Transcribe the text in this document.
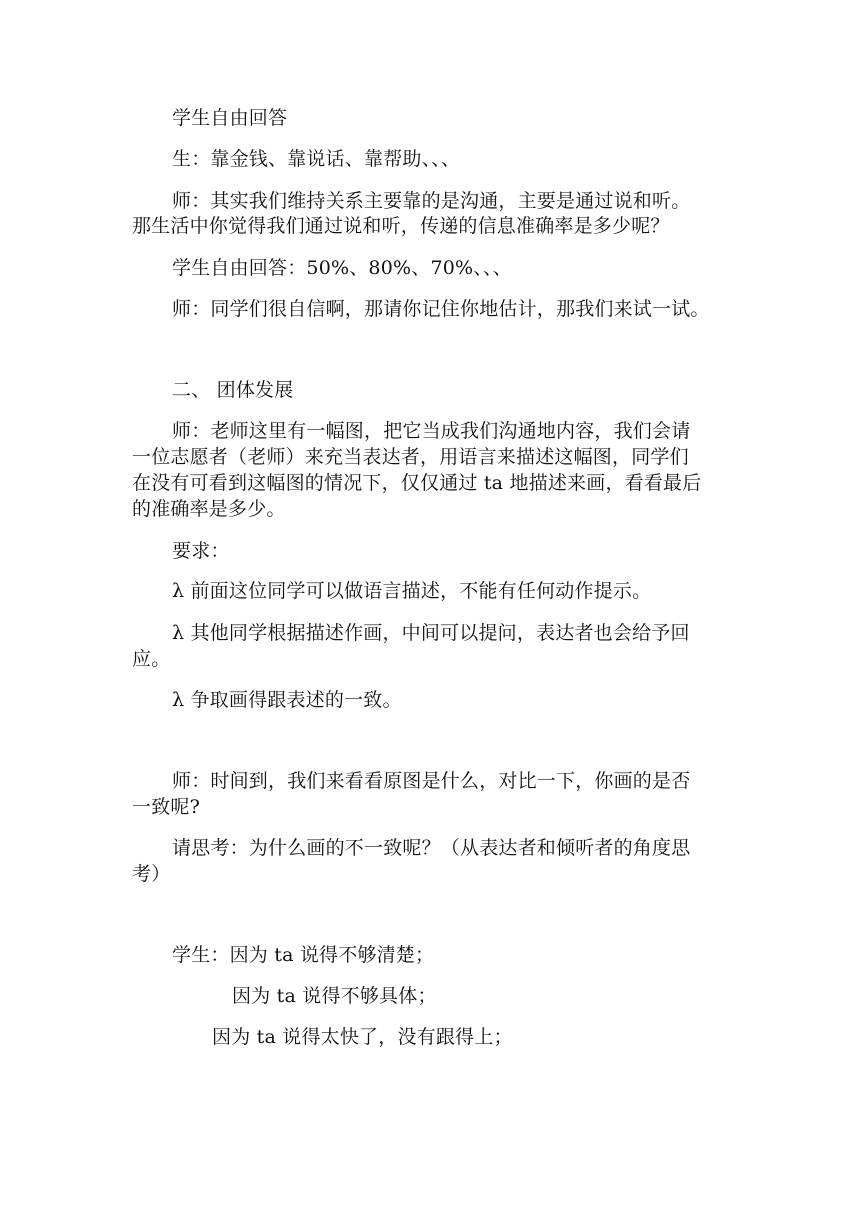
学生自由回答
生：靠金钱、靠说话、靠帮助、、、
师：其实我们维持关系主要靠的是沟通，主要是通过说和听。
那生活中你觉得我们通过说和听，传递的信息准确率是多少呢？
学生自由回答：50%、80%、70%、、、
师：同学们很自信啊，那请你记住你地估计，那我们来试一试。
二、 团体发展
师：老师这里有一幅图，把它当成我们沟通地内容，我们会请
一位志愿者（老师）来充当表达者，用语言来描述这幅图，同学们
在没有可看到这幅图的情况下，仅仅通过 ta 地描述来画，看看最后
的准确率是多少。
要求：
λ 前面这位同学可以做语言描述，不能有任何动作提示。
λ 其他同学根据描述作画，中间可以提问，表达者也会给予回
应。
λ 争取画得跟表述的一致。
师：时间到，我们来看看原图是什么，对比一下，你画的是否
一致呢?
请思考：为什么画的不一致呢？（从表达者和倾听者的角度思
考）
学生：因为 ta 说得不够清楚；
因为 ta 说得不够具体；
因为 ta 说得太快了，没有跟得上；
